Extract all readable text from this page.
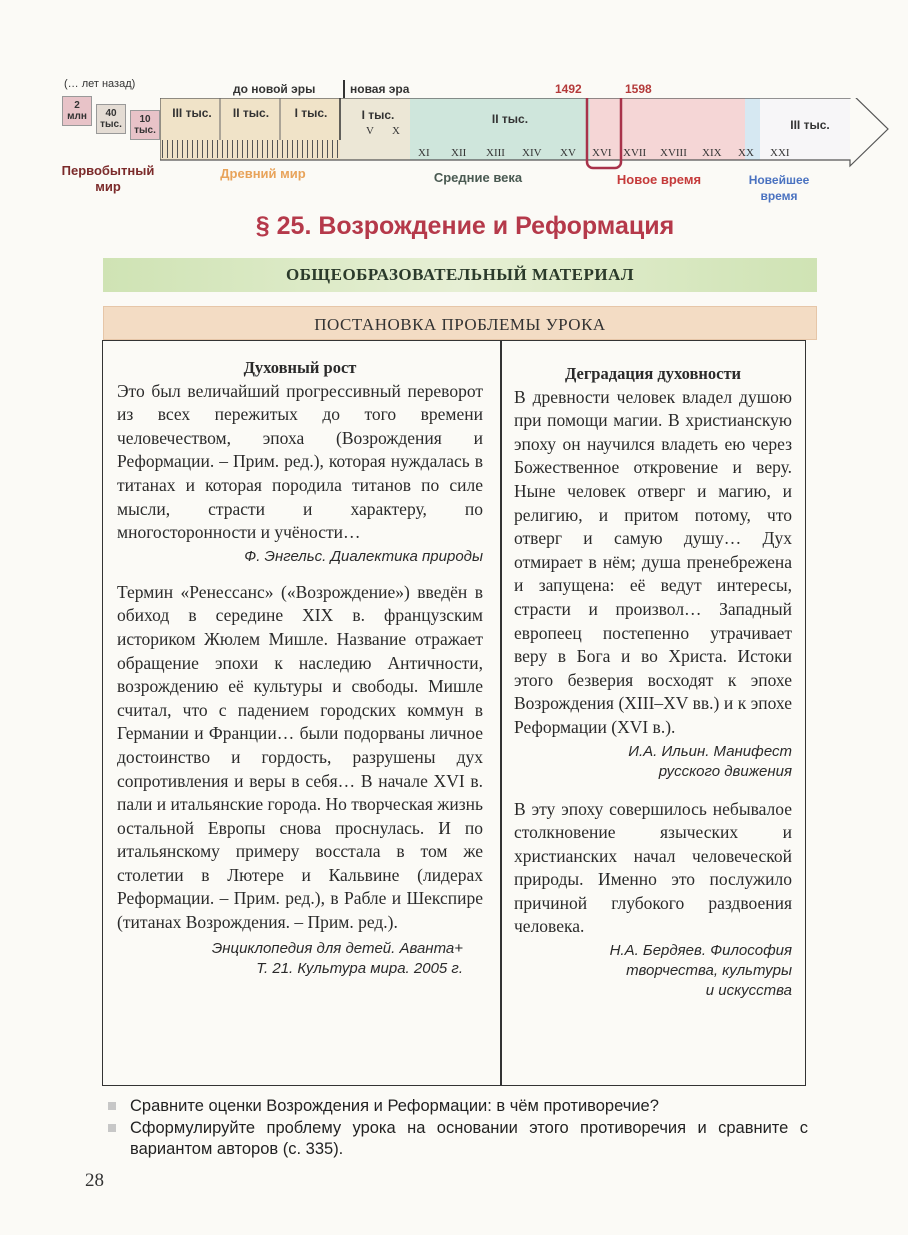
(… лет назад)	до новой эры	новая эра	1492	1598
2
млн	40
тыс.	10
тыс.
III тыс.	II тыс.	I тыс.	I тыс.
V X
II тыс.	III тыс.
XI XII XIII XIV XV XVI XVII XVIII XIX XX XXI
Первобытный мир
Древний мир	Средние века	Новое время	Новейшее время
§ 25. Возрождение и Реформация
ОБЩЕОБРАЗОВАТЕЛЬНЫЙ МАТЕРИАЛ
ПОСТАНОВКА ПРОБЛЕМЫ УРОКА
Духовный рост
Это был величайший прогрессивный переворот из всех пережитых до того времени человечеством, эпоха (Возрождения и Реформации. – Прим. ред.), которая нуждалась в титанах и которая породила титанов по силе мысли, страсти и характеру, по многосторонности и учёности…
Ф. Энгельс. Диалектика природы
Термин «Ренессанс» («Возрождение») введён в обиход в середине XIX в. французским историком Жюлем Мишле. Название отражает обращение эпохи к наследию Античности, возрождению её культуры и свободы. Мишле считал, что с падением городских коммун в Германии и Франции… были подорваны личное достоинство и гордость, разрушены дух сопротивления и веры в себя… В начале XVI в. пали и итальянские города. Но творческая жизнь остальной Европы снова проснулась. И по итальянскому примеру восстала в том же столетии в Лютере и Кальвине (лидерах Реформации. – Прим. ред.), в Рабле и Шекспире (титанах Возрождения. – Прим. ред.).
Энциклопедия для детей. Аванта+
Т. 21. Культура мира. 2005 г.
Деградация духовности
В древности человек владел душою при помощи магии. В христианскую эпоху он научился владеть ею через Божественное откровение и веру. Ныне человек отверг и магию, и религию, и притом потому, что отверг и самую душу… Дух отмирает в нём; душа пренебрежена и запущена: её ведут интересы, страсти и произвол… Западный европеец постепенно утрачивает веру в Бога и во Христа. Истоки этого безверия восходят к эпохе Возрождения (XIII–XV вв.) и к эпохе Реформации (XVI в.).
И.А. Ильин. Манифест
русского движения
В эту эпоху совершилось небывалое столкновение языческих и христианских начал человеческой природы. Именно это послужило причиной глубокого раздвоения человека.
Н.А. Бердяев. Философия
творчества, культуры
и искусства
Сравните оценки Возрождения и Реформации: в чём противоречие?
Сформулируйте проблему урока на основании этого противоречия и сравните с вариантом авторов (с. 335).
28
